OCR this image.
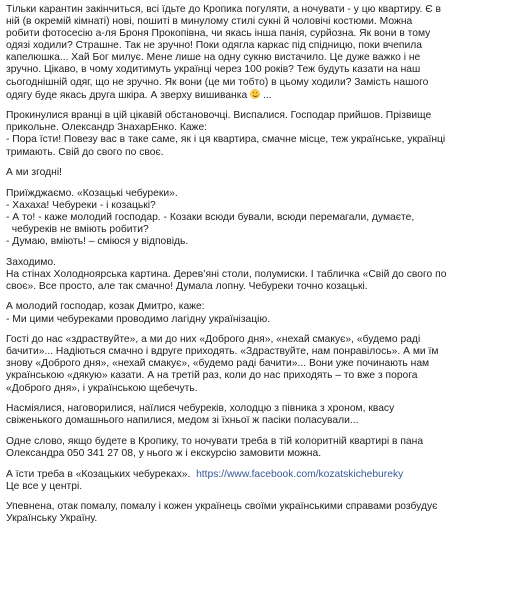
Тільки карантин закінчиться, всі їдьте до Кропика погуляти, а ночувати - у цю квартиру. Є в
ній (в окремій кімнаті) нові, пошиті в минулому стилі сукні й чоловічі костюми. Можна
робити фотосесію а-ля Броня Прокопівна, чи якась інша панія, сурйозна. Як вони в тому
одязі ходили? Страшне. Так не зручно! Поки одягла каркас під спідницю, поки вчепила
капелюшка... Хай Бог милує. Мене лише на одну сукню вистачило. Це дуже важко і не
зручно. Цікаво, в чому ходитимуть українці через 100 років? Теж будуть казати на наш
сьогоднішній одяг, що не зручно. Як вони (це ми тобто) в цьому ходили? Замість нашого
одягу буде якась друга шкіра. А зверху вишиванка ...
Прокинулися вранці в цій цікавій обстановочці. Виспалися. Господар прийшов. Прізвище
прикольне. Олександр ЗнахарЕнко. Каже:
- Пора їсти! Повезу вас в таке саме, як і ця квартира, смачне місце, теж українське, українці
тримають. Свій до свого по своє.
А ми згодні!
Приїжджаємо. «Козацькі чебуреки».
- Хахаха! Чебуреки - і козацькі?
- А то! - каже молодий господар. - Козаки всюди бували, всюди перемагали, думаєте,
чебуреків не вміють робити?
- Думаю, вміють! – сміюся у відповідь.
Заходимо.
На стінах Холодноярська картина. Дерев’яні столи, полумиски. І табличка «Свій до свого по
своє». Все просто, але так смачно! Думала лопну. Чебуреки точно козацькі.
А молодий господар, козак Дмитро, каже:
- Ми цими чебуреками проводимо лагідну українізацію.
Гості до нас «здраствуйте», а ми до них «Доброго дня», «нехай смакує», «будемо раді
бачити»... Надіються смачно і вдруге приходять. «Здраствуйте, нам понравілось». А ми їм
знову «Доброго дня», «нехай смакує», «будемо раді бачити»... Вони уже починають нам
українською «дякую» казати. А на третій раз, коли до нас приходять – то вже з порога
«Доброго дня», і українською щебечуть.
Насміялися, наговорилися, наїлися чебуреків, холодцю з півника з хроном, квасу
свіженького домашнього напилися, медом зі їхньої ж пасіки поласували...
Одне слово, якщо будете в Кропику, то ночувати треба в тій колоритній квартирі в пана
Олександра 050 341 27 08, у нього ж і екскурсію замовити можна.
А їсти треба в «Козацьких чебуреках».  https://www.facebook.com/kozatskichebureky
Це все у центрі.
Упевнена, отак помалу, помалу і кожен українець своїми українськими справами розбудує
Українську Україну.
